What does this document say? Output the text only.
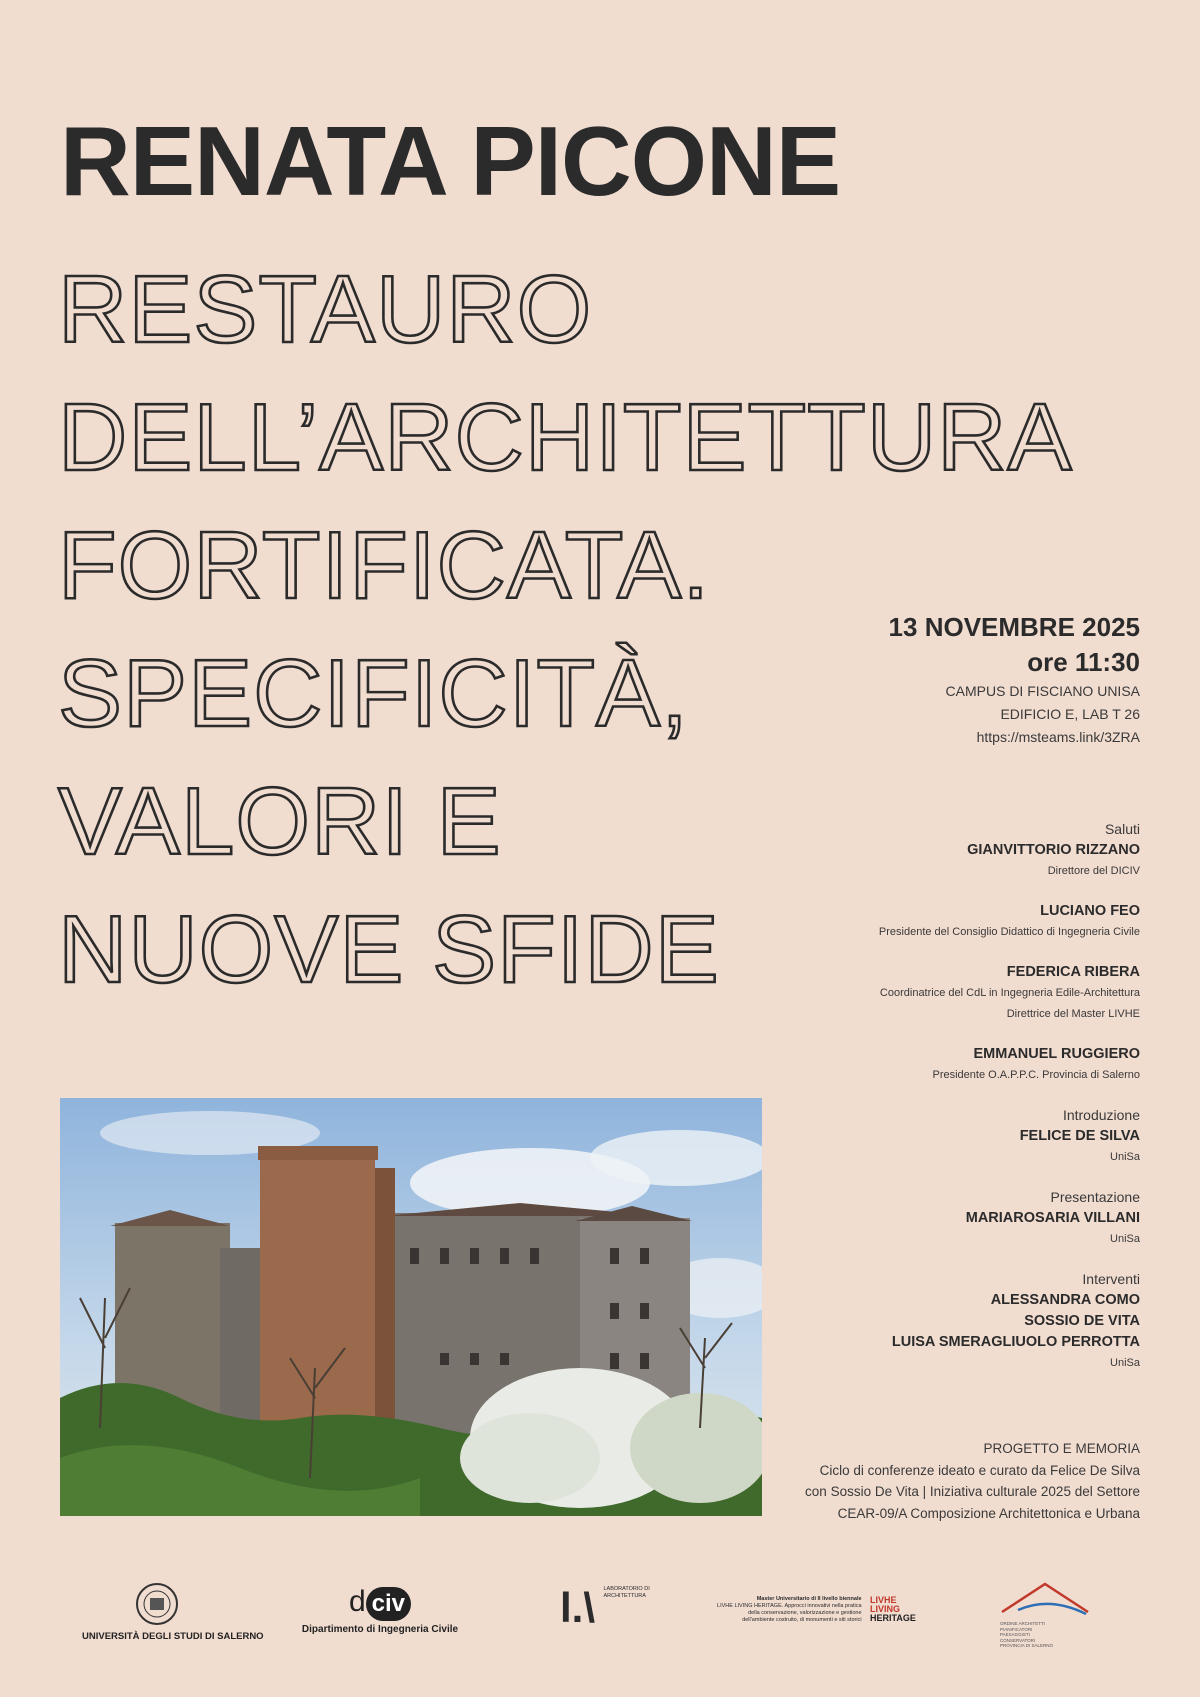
RENATA PICONE
RESTAURO
DELL’ARCHITETTURA
FORTIFICATA.
SPECIFICITÀ,
VALORI E
NUOVE SFIDE
13 NOVEMBRE 2025
ore 11:30
CAMPUS DI FISCIANO UNISA
EDIFICIO E, LAB T 26
https://msteams.link/3ZRA
Saluti
GIANVITTORIO RIZZANO
Direttore del DICIV
LUCIANO FEO
Presidente del Consiglio Didattico di Ingegneria Civile
FEDERICA RIBERA
Coordinatrice del CdL in Ingegneria Edile-Architettura
Direttrice del Master LIVHE
EMMANUEL RUGGIERO
Presidente O.A.P.P.C. Provincia di Salerno
Introduzione
FELICE DE SILVA
UniSa
Presentazione
MARIAROSARIA VILLANI
UniSa
Interventi
ALESSANDRA COMO
SOSSIO DE VITA
LUISA SMERAGLIUOLO PERROTTA
UniSa
PROGETTO E MEMORIA
Ciclo di conferenze ideato e curato da Felice De Silva
con Sossio De Vita | Iniziativa culturale 2025 del Settore
CEAR-09/A Composizione Architettonica e Urbana
UNIVERSITÀ DEGLI STUDI DI SALERNO
d civ
Dipartimento di Ingegneria Civile l.\ LABORATORIO DI
ARCHITETTURA	Master Universitario di II livello biennale
LIVHE LIVING HERITAGE. Approcci innovativi nella pratica
della conservazione, valorizzazione e gestione
dell'ambiente costruito, di monumenti e siti storici

LIVHE
LIVING
HERITAGE
ORDINE ARCHITETTI
PIANIFICATORI
PAESAGGISTI
CONSERVATORI
PROVINCIA DI SALERNO
